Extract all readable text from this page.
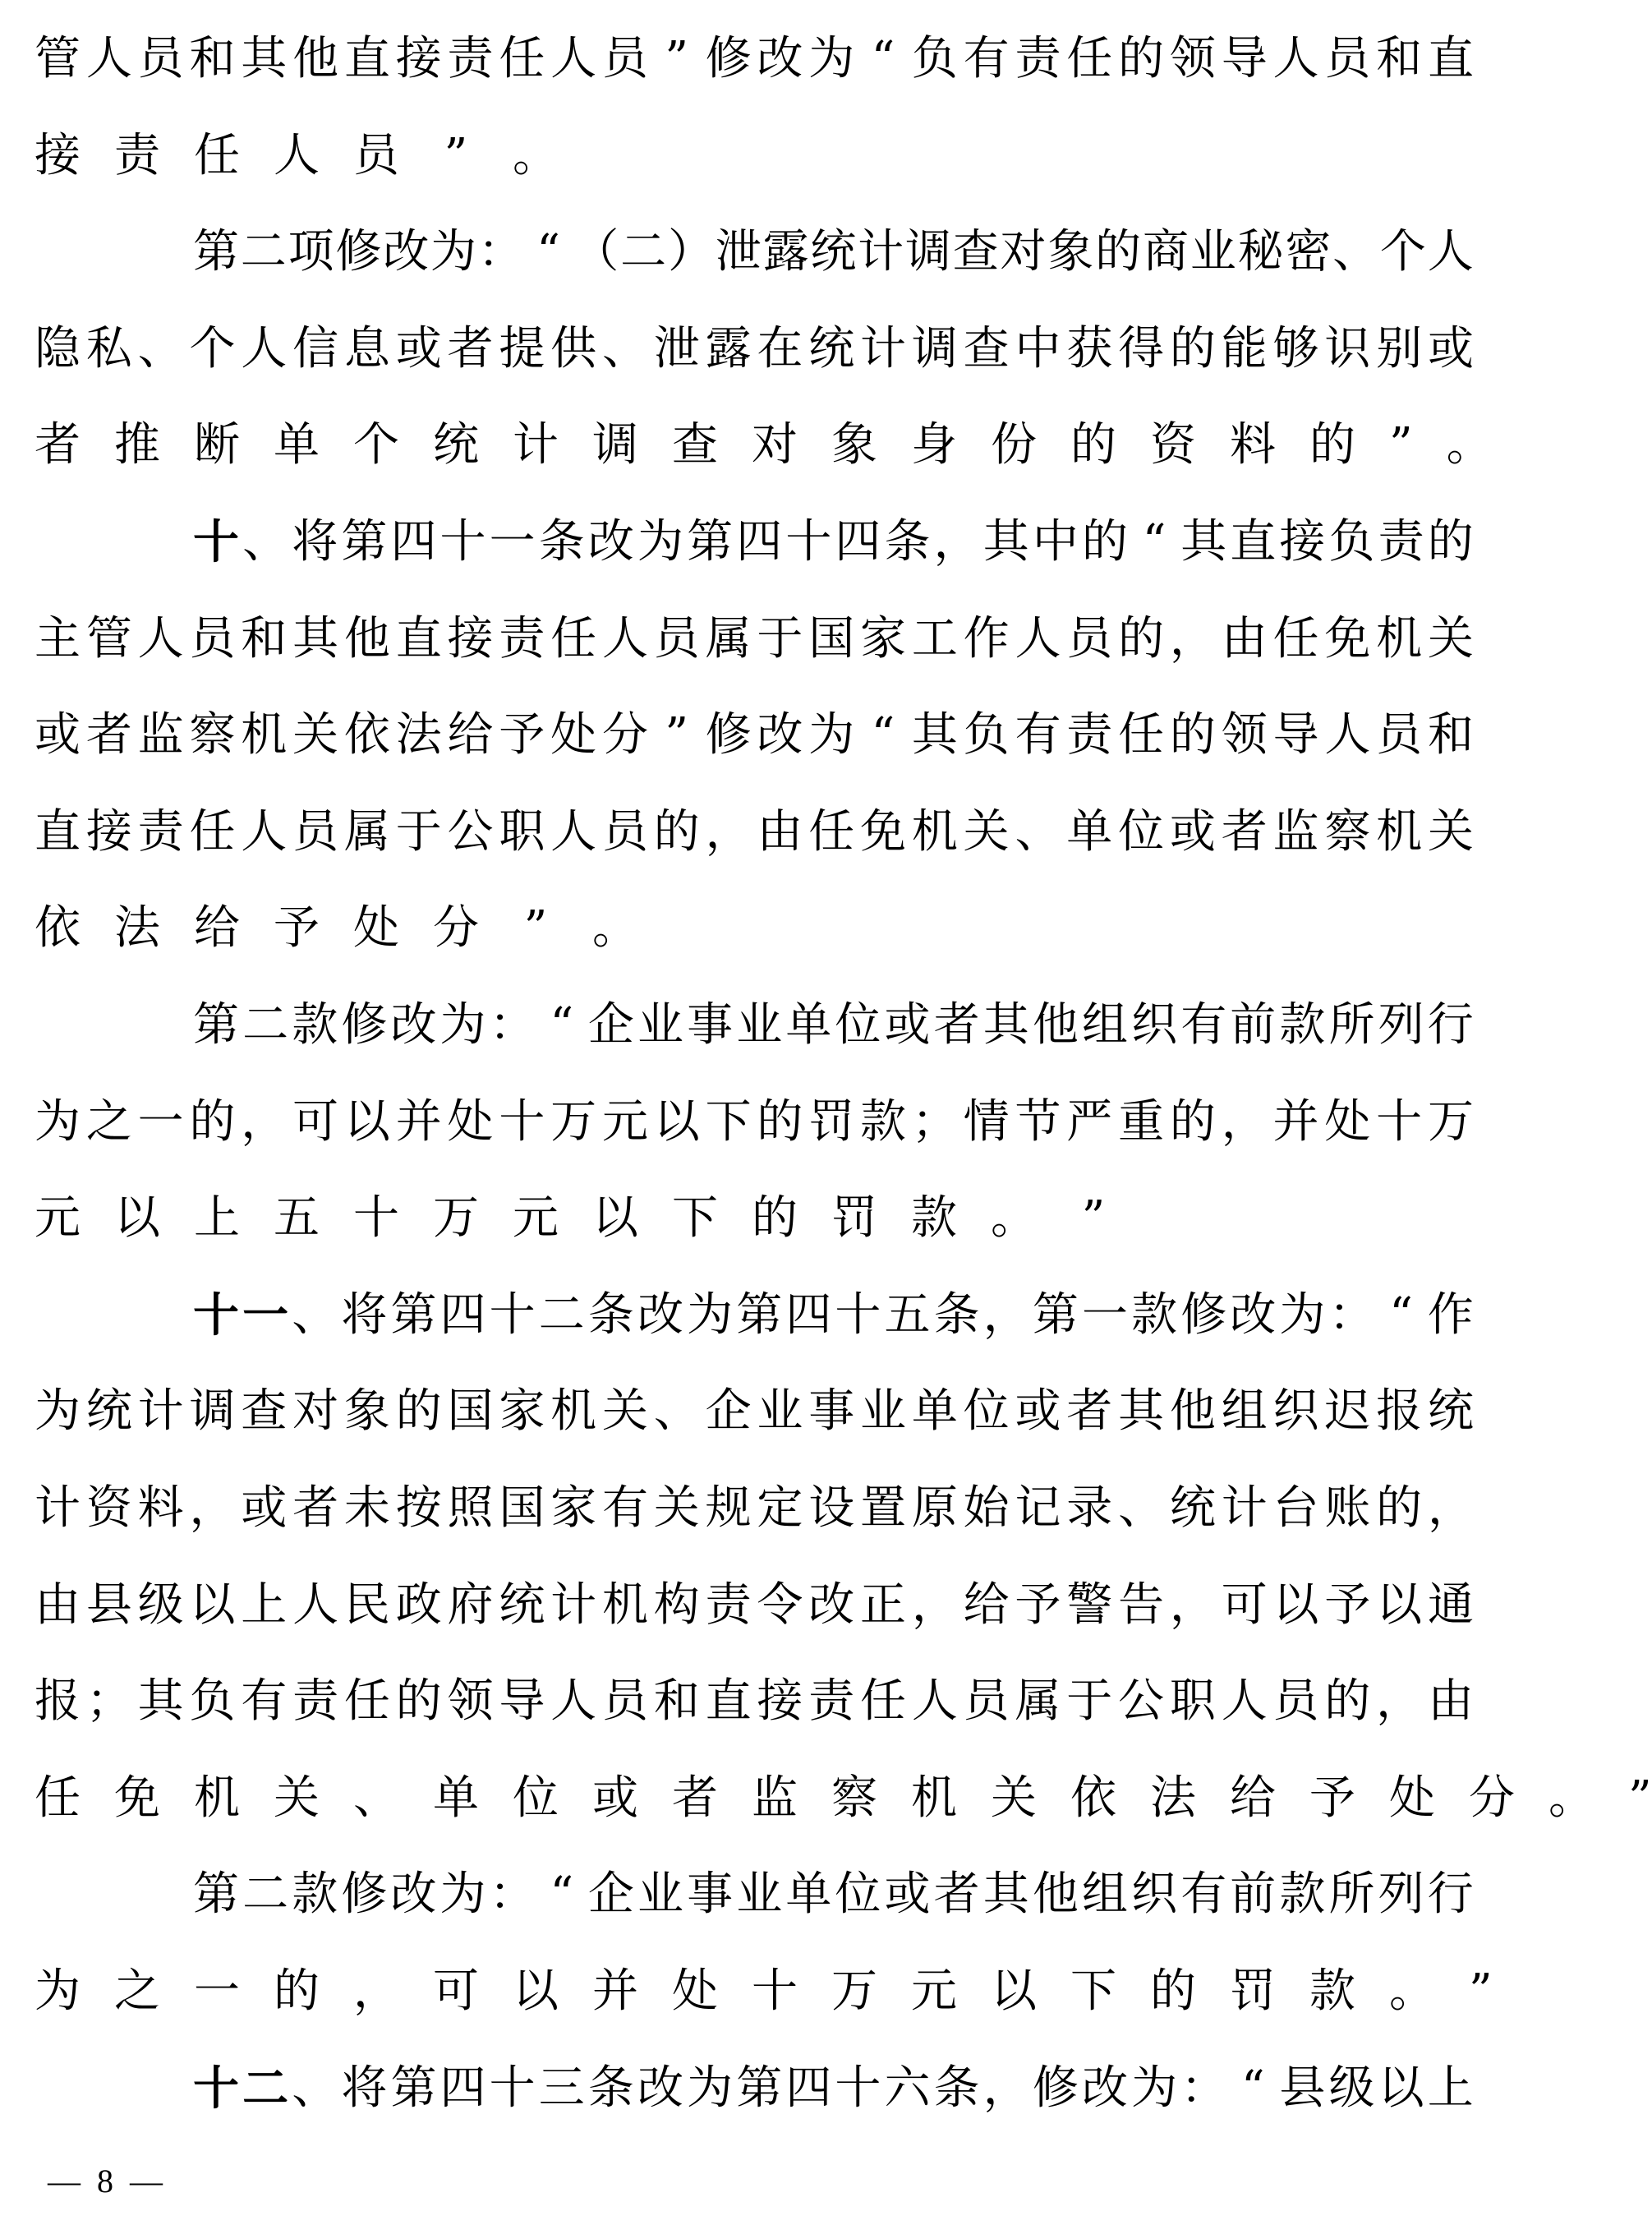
管 人 员 和 其 他 直 接 责 任 人 员 ” 修 改 为 “ 负 有 责 任 的 领 导 人 员 和 直
接 责 任 人 员 ” 。
第 二 项 修 改 为 ： “ （ 二 ） 泄 露 统 计 调 查 对 象 的 商 业 秘 密 、 个 人
隐 私 、 个 人 信 息 或 者 提 供 、 泄 露 在 统 计 调 查 中 获 得 的 能 够 识 别 或
者 推 断 单 个 统 计 调 查 对 象 身 份 的 资 料 的 ” 。
十 、 将 第 四 十 一 条 改 为 第 四 十 四 条 ， 其 中 的 “ 其 直 接 负 责 的
主 管 人 员 和 其 他 直 接 责 任 人 员 属 于 国 家 工 作 人 员 的 ， 由 任 免 机 关
或 者 监 察 机 关 依 法 给 予 处 分 ” 修 改 为 “ 其 负 有 责 任 的 领 导 人 员 和
直 接 责 任 人 员 属 于 公 职 人 员 的 ， 由 任 免 机 关 、 单 位 或 者 监 察 机 关
依 法 给 予 处 分 ” 。
第 二 款 修 改 为 ： “ 企 业 事 业 单 位 或 者 其 他 组 织 有 前 款 所 列 行
为 之 一 的 ， 可 以 并 处 十 万 元 以 下 的 罚 款 ； 情 节 严 重 的 ， 并 处 十 万
元 以 上 五 十 万 元 以 下 的 罚 款 。 ”
十 一 、 将 第 四 十 二 条 改 为 第 四 十 五 条 ， 第 一 款 修 改 为 ： “ 作
为 统 计 调 查 对 象 的 国 家 机 关 、 企 业 事 业 单 位 或 者 其 他 组 织 迟 报 统
计 资 料 ， 或 者 未 按 照 国 家 有 关 规 定 设 置 原 始 记 录 、 统 计 台 账 的 ，
由 县 级 以 上 人 民 政 府 统 计 机 构 责 令 改 正 ， 给 予 警 告 ， 可 以 予 以 通
报 ； 其 负 有 责 任 的 领 导 人 员 和 直 接 责 任 人 员 属 于 公 职 人 员 的 ， 由
任 免 机 关 、 单 位 或 者 监 察 机 关 依 法 给 予 处 分 。 ”
第 二 款 修 改 为 ： “ 企 业 事 业 单 位 或 者 其 他 组 织 有 前 款 所 列 行
为 之 一 的 ， 可 以 并 处 十 万 元 以 下 的 罚 款 。 ”
十 二 、 将 第 四 十 三 条 改 为 第 四 十 六 条 ， 修 改 为 ： “ 县 级 以 上
—  8  —
